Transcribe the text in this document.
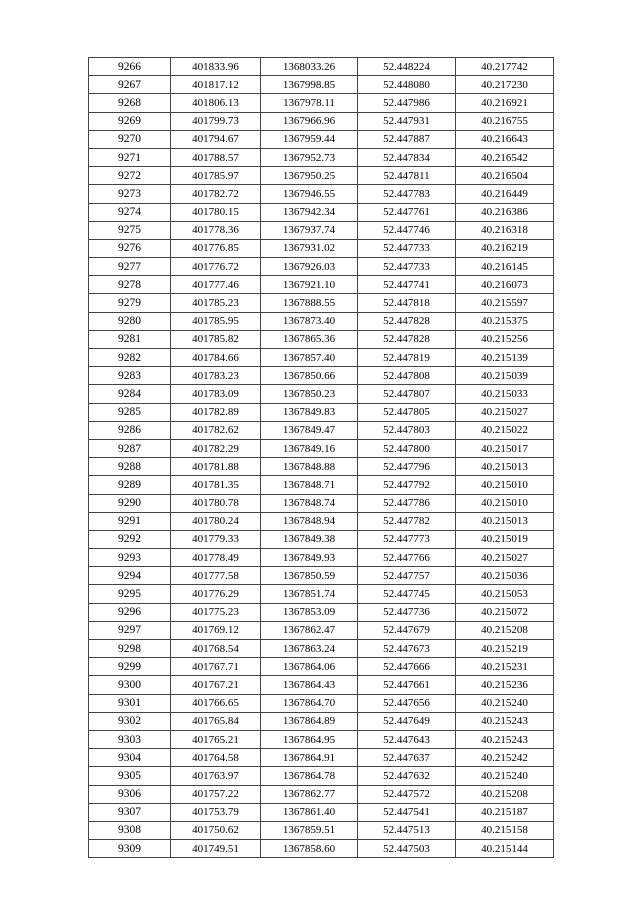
9266	401833.96	1368033.26	52.448224	40.217742
9267	401817.12	1367998.85	52.448080	40.217230
9268	401806.13	1367978.11	52.447986	40.216921
9269	401799.73	1367966.96	52.447931	40.216755
9270	401794.67	1367959.44	52.447887	40.216643
9271	401788.57	1367952.73	52.447834	40.216542
9272	401785.97	1367950.25	52.447811	40.216504
9273	401782.72	1367946.55	52.447783	40.216449
9274	401780.15	1367942.34	52.447761	40.216386
9275	401778.36	1367937.74	52.447746	40.216318
9276	401776.85	1367931.02	52.447733	40.216219
9277	401776.72	1367926.03	52.447733	40.216145
9278	401777.46	1367921.10	52.447741	40.216073
9279	401785.23	1367888.55	52.447818	40.215597
9280	401785.95	1367873.40	52.447828	40.215375
9281	401785.82	1367865.36	52.447828	40.215256
9282	401784.66	1367857.40	52.447819	40.215139
9283	401783.23	1367850.66	52.447808	40.215039
9284	401783.09	1367850.23	52.447807	40.215033
9285	401782.89	1367849.83	52.447805	40.215027
9286	401782.62	1367849.47	52.447803	40.215022
9287	401782.29	1367849.16	52.447800	40.215017
9288	401781.88	1367848.88	52.447796	40.215013
9289	401781.35	1367848.71	52.447792	40.215010
9290	401780.78	1367848.74	52.447786	40.215010
9291	401780.24	1367848.94	52.447782	40.215013
9292	401779.33	1367849.38	52.447773	40.215019
9293	401778.49	1367849.93	52.447766	40.215027
9294	401777.58	1367850.59	52.447757	40.215036
9295	401776.29	1367851.74	52.447745	40.215053
9296	401775.23	1367853.09	52.447736	40.215072
9297	401769.12	1367862.47	52.447679	40.215208
9298	401768.54	1367863.24	52.447673	40.215219
9299	401767.71	1367864.06	52.447666	40.215231
9300	401767.21	1367864.43	52.447661	40.215236
9301	401766.65	1367864.70	52.447656	40.215240
9302	401765.84	1367864.89	52.447649	40.215243
9303	401765.21	1367864.95	52.447643	40.215243
9304	401764.58	1367864.91	52.447637	40.215242
9305	401763.97	1367864.78	52.447632	40.215240
9306	401757.22	1367862.77	52.447572	40.215208
9307	401753.79	1367861.40	52.447541	40.215187
9308	401750.62	1367859.51	52.447513	40.215158
9309	401749.51	1367858.60	52.447503	40.215144
